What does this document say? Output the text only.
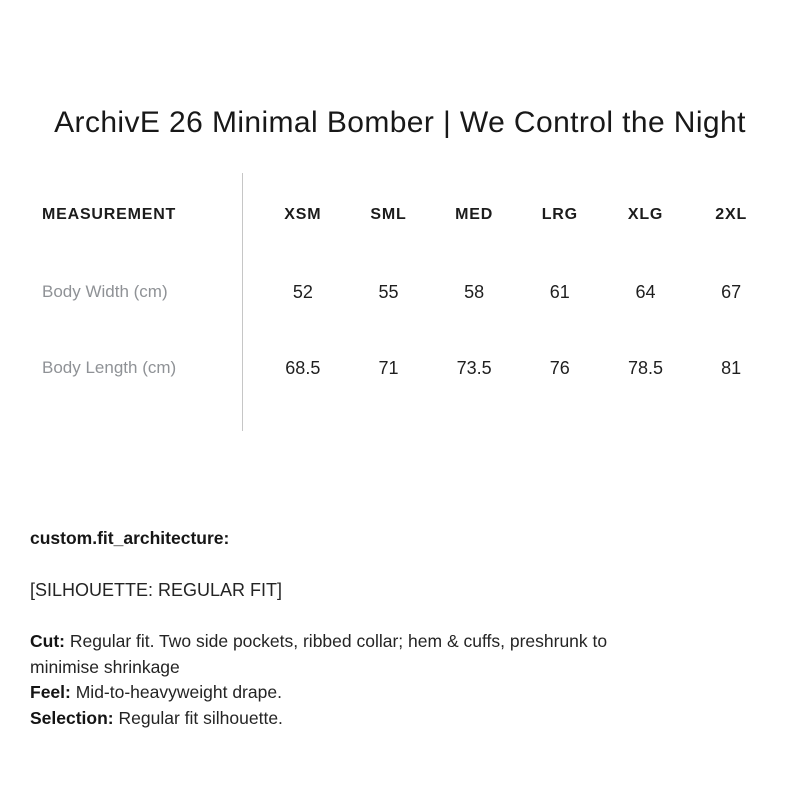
ArchivE 26 Minimal Bomber | We Control the Night
MEASUREMENT	XSM	SML	MED	LRG	XLG	2XL
Body Width (cm)	52	55	58	61	64	67
Body Length (cm)	68.5	71	73.5	76	78.5	81
custom.fit_architecture:
[SILHOUETTE: REGULAR FIT]
Cut: Regular fit. Two side pockets, ribbed collar; hem & cuffs, preshrunk to
minimise shrinkage
Feel: Mid-to-heavyweight drape.
Selection: Regular fit silhouette.
